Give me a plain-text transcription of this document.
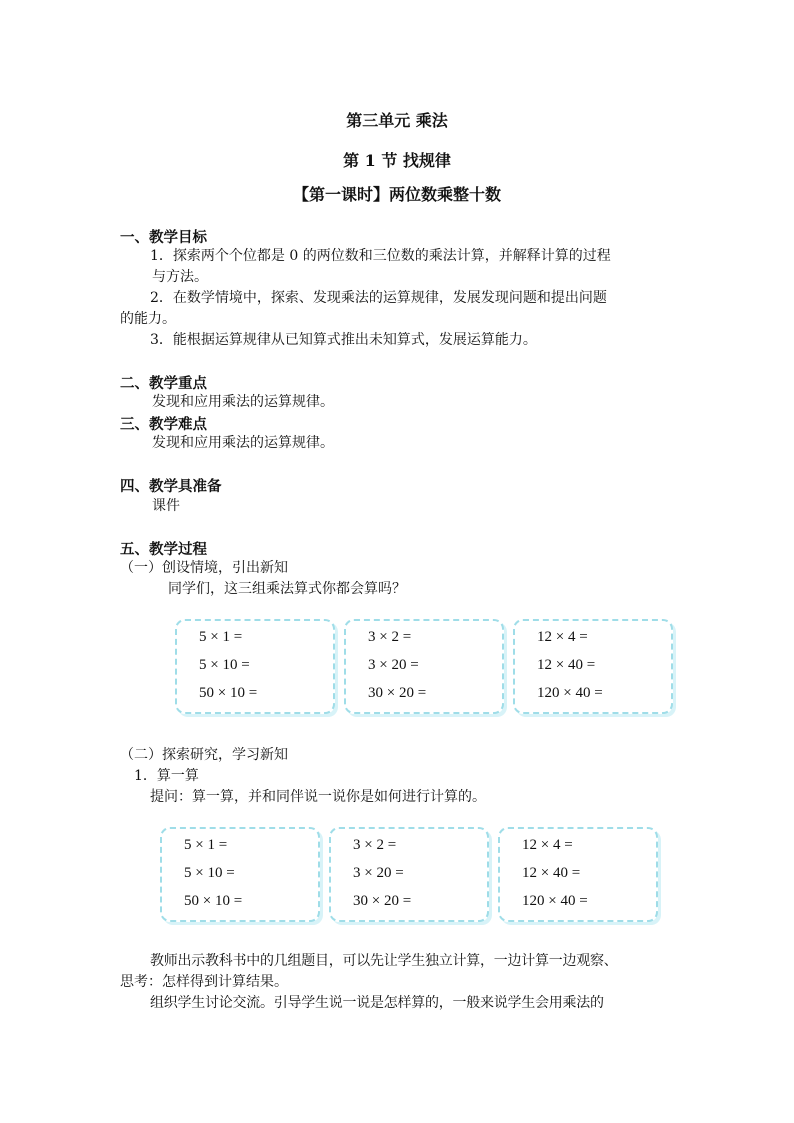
第三单元 乘法
第 1 节 找规律
【第一课时】两位数乘整十数
一、教学目标
1．探索两个个位都是 0 的两位数和三位数的乘法计算，并解释计算的过程
与方法。
2．在数学情境中，探索、发现乘法的运算规律，发展发现问题和提出问题
的能力。
3．能根据运算规律从已知算式推出未知算式，发展运算能力。
二、教学重点
发现和应用乘法的运算规律。
三、教学难点
发现和应用乘法的运算规律。
四、教学具准备
课件
五、教学过程
（一）创设情境，引出新知
同学们，这三组乘法算式你都会算吗？
5 × 1 =
5 × 10 =
50 × 10 =
3 × 2 =
3 × 20 =
30 × 20 =
12 × 4 =
12 × 40 =
120 × 40 =
（二）探索研究，学习新知
1．算一算
提问：算一算，并和同伴说一说你是如何进行计算的。
5 × 1 =
5 × 10 =
50 × 10 =
3 × 2 =
3 × 20 =
30 × 20 =
12 × 4 =
12 × 40 =
120 × 40 =
教师出示教科书中的几组题目，可以先让学生独立计算，一边计算一边观察、
思考：怎样得到计算结果。
组织学生讨论交流。引导学生说一说是怎样算的，一般来说学生会用乘法的
